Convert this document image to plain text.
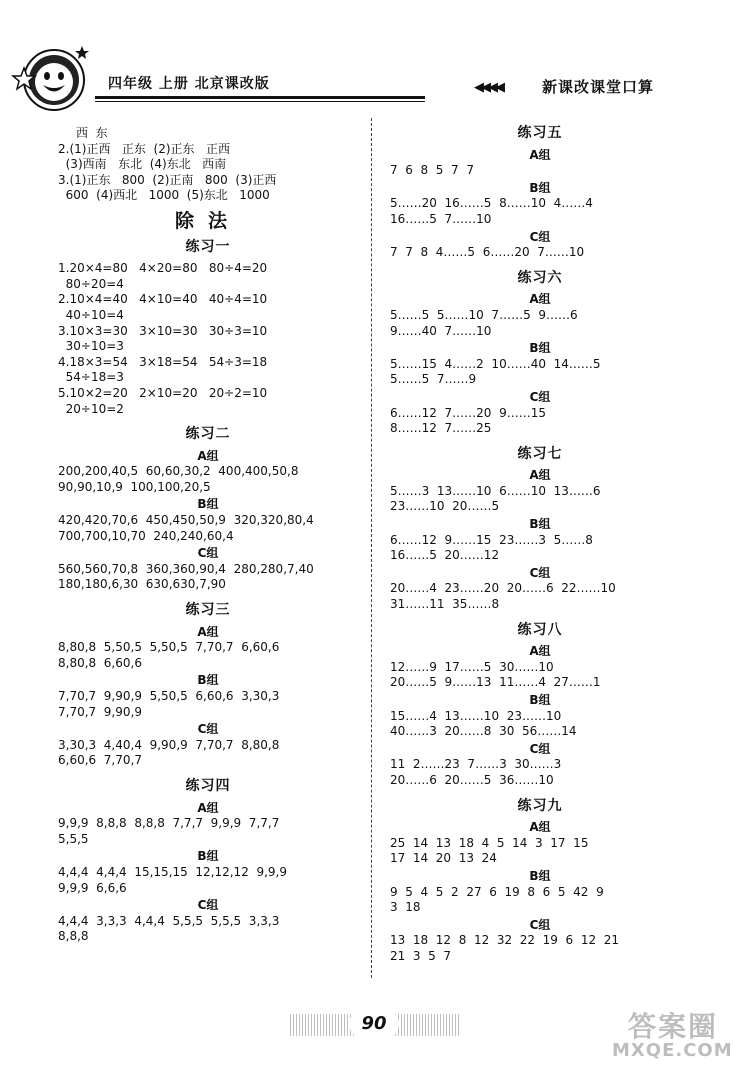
四年级 上册 北京课改版	◀◀◀◀	新课改课堂口算
西  东
2.(1)正西   正东  (2)正东   正西
(3)西南   东北  (4)东北   西南
3.(1)正东   800  (2)正南   800  (3)正西
600  (4)西北   1000  (5)东北   1000
除法
练习一
1.20×4=80   4×20=80   80÷4=20
80÷20=4
2.10×4=40   4×10=40   40÷4=10
40÷10=4
3.10×3=30   3×10=30   30÷3=10
30÷10=3
4.18×3=54   3×18=54   54÷3=18
54÷18=3
5.10×2=20   2×10=20   20÷2=10
20÷10=2
练习二
A组
200,200,40,5  60,60,30,2  400,400,50,8
90,90,10,9  100,100,20,5
B组
420,420,70,6  450,450,50,9  320,320,80,4
700,700,10,70  240,240,60,4
C组
560,560,70,8  360,360,90,4  280,280,7,40
180,180,6,30  630,630,7,90
练习三
A组
8,80,8  5,50,5  5,50,5  7,70,7  6,60,6
8,80,8  6,60,6
B组
7,70,7  9,90,9  5,50,5  6,60,6  3,30,3
7,70,7  9,90,9
C组
3,30,3  4,40,4  9,90,9  7,70,7  8,80,8
6,60,6  7,70,7
练习四
A组
9,9,9  8,8,8  8,8,8  7,7,7  9,9,9  7,7,7
5,5,5
B组
4,4,4  4,4,4  15,15,15  12,12,12  9,9,9
9,9,9  6,6,6
C组
4,4,4  3,3,3  4,4,4  5,5,5  5,5,5  3,3,3
8,8,8
练习五
A组
7  6  8  5  7  7
B组
5……20  16……5  8……10  4……4
16……5  7……10
C组
7  7  8  4……5  6……20  7……10
练习六
A组
5……5  5……10  7……5  9……6
9……40  7……10
B组
5……15  4……2  10……40  14……5
5……5  7……9
C组
6……12  7……20  9……15
8……12  7……25
练习七
A组
5……3  13……10  6……10  13……6
23……10  20……5
B组
6……12  9……15  23……3  5……8
16……5  20……12
C组
20……4  23……20  20……6  22……10
31……11  35……8
练习八
A组
12……9  17……5  30……10
20……5  9……13  11……4  27……1
B组
15……4  13……10  23……10
40……3  20……8  30  56……14
C组
11  2……23  7……3  30……3
20……6  20……5  36……10
练习九
A组
25  14  13  18  4  5  14  3  17  15
17  14  20  13  24
B组
9  5  4  5  2  27  6  19  8  6  5  42  9
3  18
C组
13  18  12  8  12  32  22  19  6  12  21
21  3  5  7
90	答案圈
MXQE.COM
